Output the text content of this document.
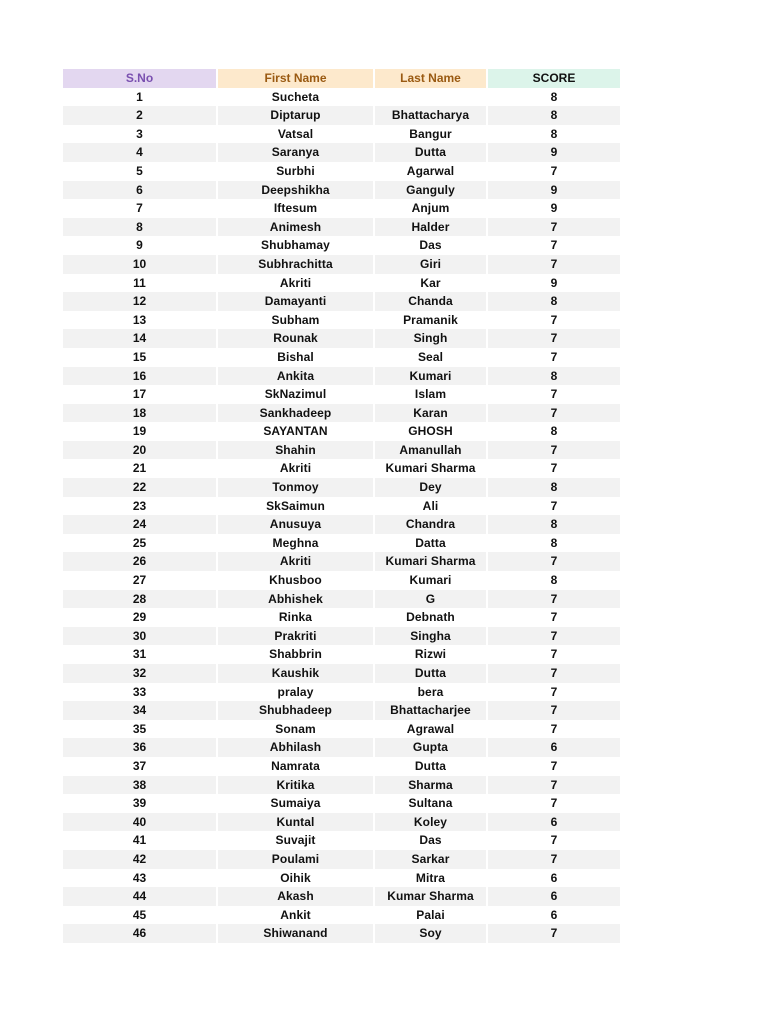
S.No	First Name	Last Name	SCORE
1	Sucheta		8
2	Diptarup	Bhattacharya	8
3	Vatsal	Bangur	8
4	Saranya	Dutta	9
5	Surbhi	Agarwal	7
6	Deepshikha	Ganguly	9
7	Iftesum	Anjum	9
8	Animesh	Halder	7
9	Shubhamay	Das	7
10	Subhrachitta	Giri	7
11	Akriti	Kar	9
12	Damayanti	Chanda	8
13	Subham	Pramanik	7
14	Rounak	Singh	7
15	Bishal	Seal	7
16	Ankita	Kumari	8
17	SkNazimul	Islam	7
18	Sankhadeep	Karan	7
19	SAYANTAN	GHOSH	8
20	Shahin	Amanullah	7
21	Akriti	Kumari Sharma	7
22	Tonmoy	Dey	8
23	SkSaimun	Ali	7
24	Anusuya	Chandra	8
25	Meghna	Datta	8
26	Akriti	Kumari Sharma	7
27	Khusboo	Kumari	8
28	Abhishek	G	7
29	Rinka	Debnath	7
30	Prakriti	Singha	7
31	Shabbrin	Rizwi	7
32	Kaushik	Dutta	7
33	pralay	bera	7
34	Shubhadeep	Bhattacharjee	7
35	Sonam	Agrawal	7
36	Abhilash	Gupta	6
37	Namrata	Dutta	7
38	Kritika	Sharma	7
39	Sumaiya	Sultana	7
40	Kuntal	Koley	6
41	Suvajit	Das	7
42	Poulami	Sarkar	7
43	Oihik	Mitra	6
44	Akash	Kumar Sharma	6
45	Ankit	Palai	6
46	Shiwanand	Soy	7
